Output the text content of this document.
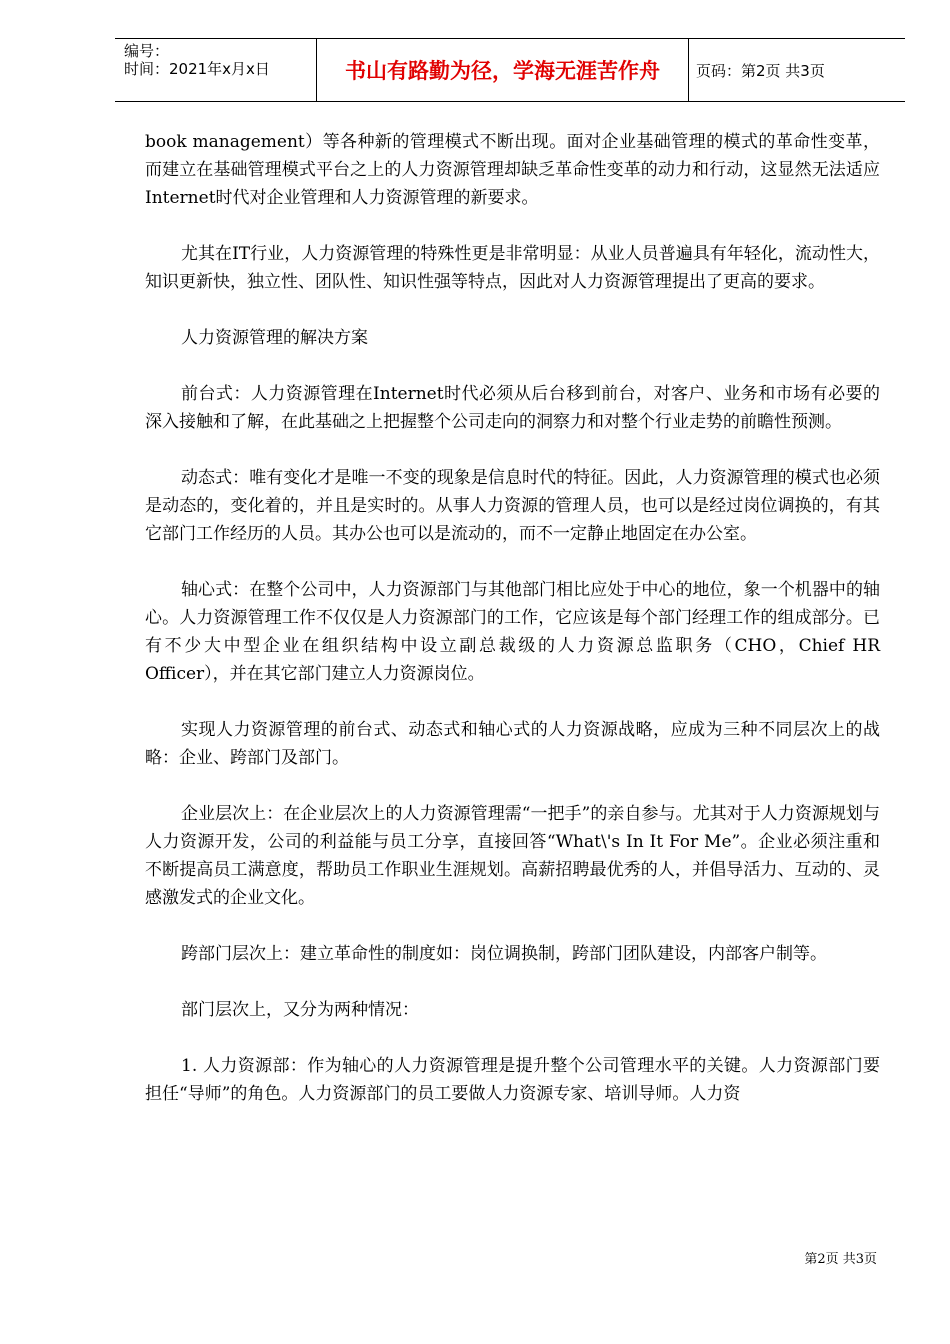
编号：
时间：2021年x月x日	书山有路勤为径，学海无涯苦作舟	页码：第2页 共3页

book management）等各种新的管理模式不断出现。面对企业基础管理的模式的革命性变革，而建立在基础管理模式平台之上的人力资源管理却缺乏革命性变革的动力和行动，这显然无法适应Internet时代对企业管理和人力资源管理的新要求。

尤其在IT行业，人力资源管理的特殊性更是非常明显：从业人员普遍具有年轻化，流动性大，知识更新快，独立性、团队性、知识性强等特点，因此对人力资源管理提出了更高的要求。

人力资源管理的解决方案

前台式：人力资源管理在Internet时代必须从后台移到前台，对客户、业务和市场有必要的深入接触和了解，在此基础之上把握整个公司走向的洞察力和对整个行业走势的前瞻性预测。

动态式：唯有变化才是唯一不变的现象是信息时代的特征。因此，人力资源管理的模式也必须是动态的，变化着的，并且是实时的。从事人力资源的管理人员，也可以是经过岗位调换的，有其它部门工作经历的人员。其办公也可以是流动的，而不一定静止地固定在办公室。

轴心式：在整个公司中，人力资源部门与其他部门相比应处于中心的地位，象一个机器中的轴心。人力资源管理工作不仅仅是人力资源部门的工作，它应该是每个部门经理工作的组成部分。已有不少大中型企业在组织结构中设立副总裁级的人力资源总监职务（CHO，Chief HR Officer），并在其它部门建立人力资源岗位。

实现人力资源管理的前台式、动态式和轴心式的人力资源战略，应成为三种不同层次上的战略：企业、跨部门及部门。

企业层次上：在企业层次上的人力资源管理需“一把手”的亲自参与。尤其对于人力资源规划与人力资源开发，公司的利益能与员工分享，直接回答“What\'s In It For Me”。企业必须注重和不断提高员工满意度，帮助员工作职业生涯规划。高薪招聘最优秀的人，并倡导活力、互动的、灵感激发式的企业文化。

跨部门层次上：建立革命性的制度如：岗位调换制，跨部门团队建设，内部客户制等。

部门层次上，又分为两种情况：

1. 人力资源部：作为轴心的人力资源管理是提升整个公司管理水平的关键。人力资源部门要担任“导师”的角色。人力资源部门的员工要做人力资源专家、培训导师。人力资

第2页 共3页
